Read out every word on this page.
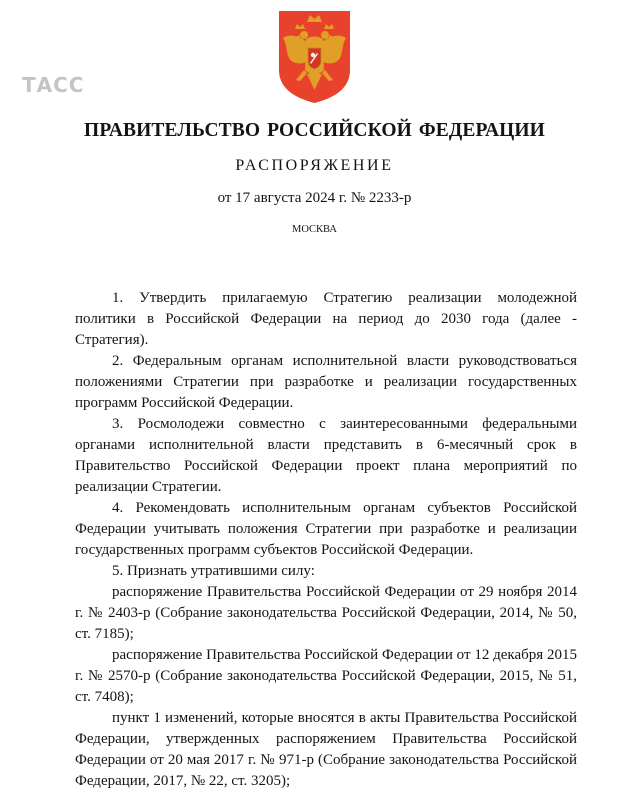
ТАСС
ПРАВИТЕЛЬСТВО РОССИЙСКОЙ ФЕДЕРАЦИИ
РАСПОРЯЖЕНИЕ
от 17 августа 2024 г. № 2233-р
МОСКВА
1. Утвердить прилагаемую Стратегию реализации молодежной политики в Российской Федерации на период до 2030 года (далее - Стратегия).
2. Федеральным органам исполнительной власти руководствоваться положениями Стратегии при разработке и реализации государственных программ Российской Федерации.
3. Росмолодежи совместно с заинтересованными федеральными органами исполнительной власти представить в 6-месячный срок в Правительство Российской Федерации проект плана мероприятий по реализации Стратегии.
4. Рекомендовать исполнительным органам субъектов Российской Федерации учитывать положения Стратегии при разработке и реализации государственных программ субъектов Российской Федерации.
5. Признать утратившими силу:
распоряжение Правительства Российской Федерации от 29 ноября 2014 г. № 2403-р (Собрание законодательства Российской Федерации, 2014, № 50, ст. 7185);
распоряжение Правительства Российской Федерации от 12 декабря 2015 г. № 2570-р (Собрание законодательства Российской Федерации, 2015, № 51, ст. 7408);
пункт 1 изменений, которые вносятся в акты Правительства Российской Федерации, утвержденных распоряжением Правительства Российской Федерации от 20 мая 2017 г. № 971-р (Собрание законодательства Российской Федерации, 2017, № 22, ст. 3205);
